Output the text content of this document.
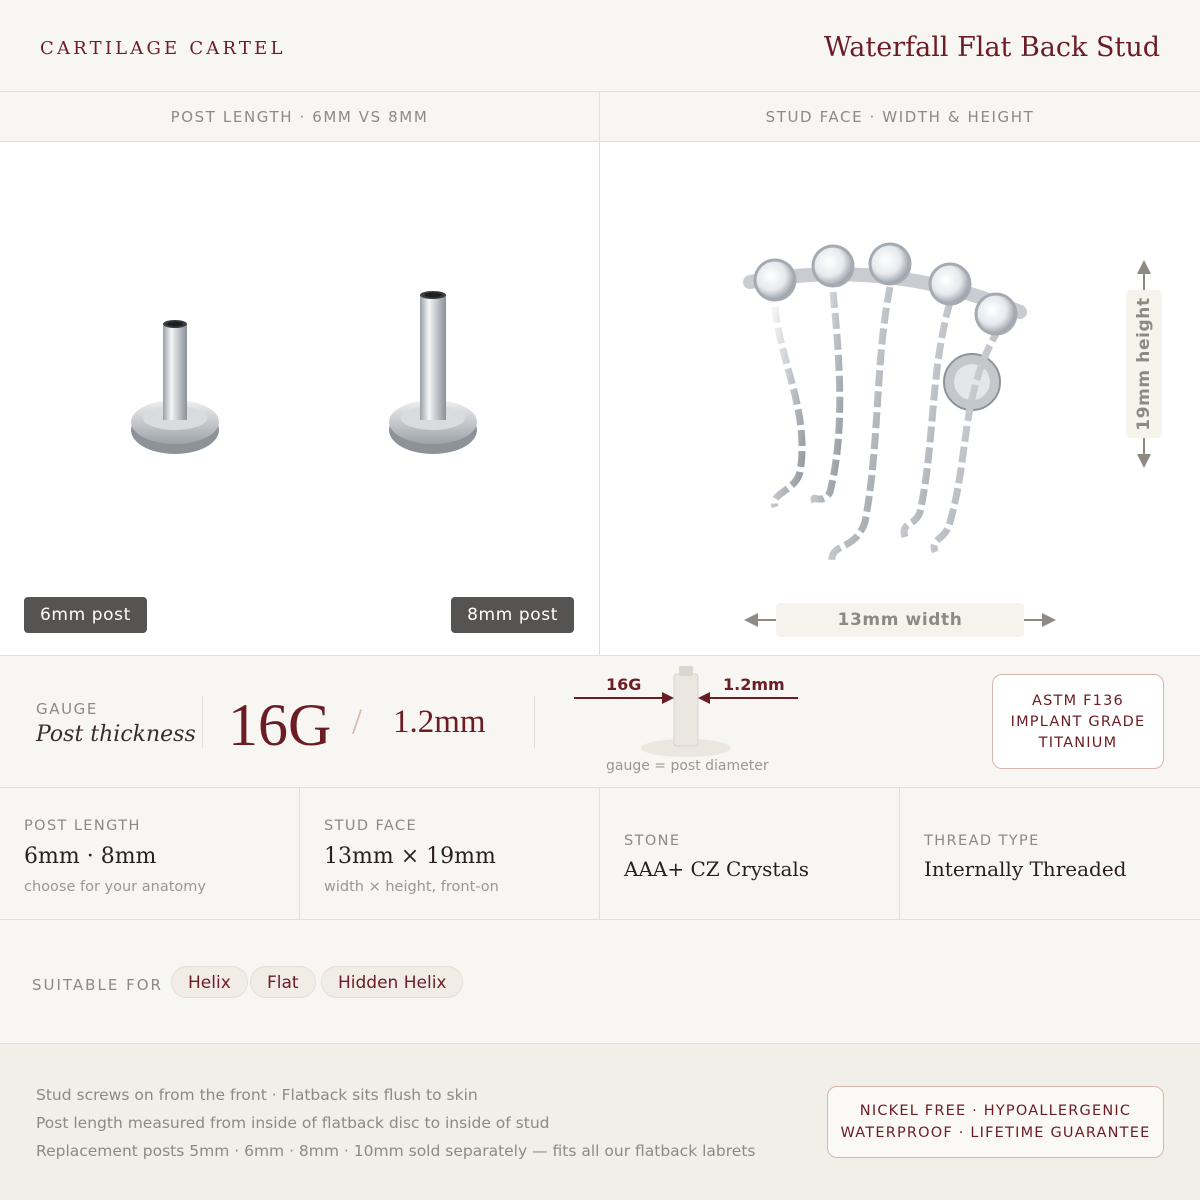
CARTILAGE CARTEL	Waterfall Flat Back Stud
POST LENGTH · 6MM VS 8MM	STUD FACE · WIDTH & HEIGHT
6mm post	8mm post
19mm height
13mm width
GAUGE
Post thickness 16G / 1.2mm
16G	1.2mm
gauge = post diameter
ASTM F136
IMPLANT GRADE
TITANIUM
POST LENGTH
6mm · 8mm
choose for your anatomy
STUD FACE
13mm × 19mm
width × height, front-on
STONE
AAA+ CZ Crystals
THREAD TYPE
Internally Threaded
SUITABLE FOR	Helix	Flat	Hidden Helix
Stud screws on from the front · Flatback sits flush to skin
Post length measured from inside of flatback disc to inside of stud
Replacement posts 5mm · 6mm · 8mm · 10mm sold separately — fits all our flatback labrets
NICKEL FREE · HYPOALLERGENIC
WATERPROOF · LIFETIME GUARANTEE
